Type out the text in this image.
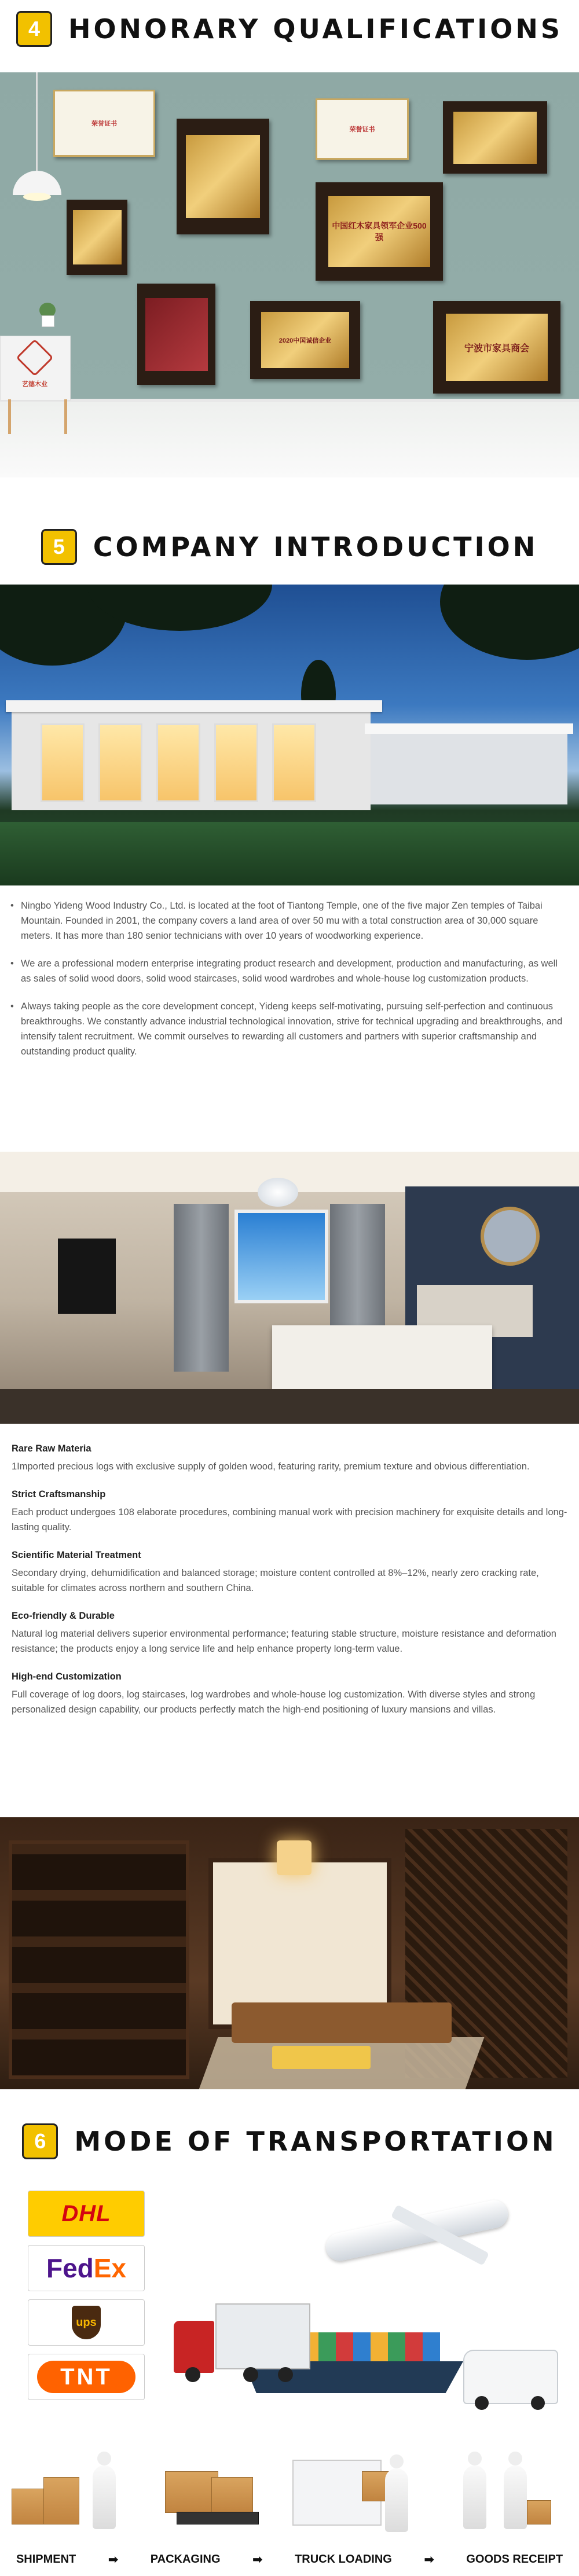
4	HONORARY QUALIFICATIONS
荣誉证书
荣誉证书
中国红木家具领军企业500强
2020中国诚信企业
宁波市家具商会
艺德木业
5	COMPANY INTRODUCTION

• Ningbo Yideng Wood Industry Co., Ltd. is located at the foot of Tiantong Temple, one of the five major Zen temples of Taibai Mountain. Founded in 2001, the company covers a land area of over 50 mu with a total construction area of 30,000 square meters. It has more than 180 senior technicians with over 10 years of woodworking experience.

• We are a professional modern enterprise integrating product research and development, production and manufacturing, as well as sales of solid wood doors, solid wood staircases, solid wood wardrobes and whole-house log customization products.

• Always taking people as the core development concept, Yideng keeps self-motivating, pursuing self-perfection and continuous breakthroughs. We constantly advance industrial technological innovation, strive for technical upgrading and breakthroughs, and intensify talent recruitment. We commit ourselves to rewarding all customers and partners with superior craftsmanship and outstanding product quality.

Rare Raw Materia

1Imported precious logs with exclusive supply of golden wood, featuring rarity, premium texture and obvious differentiation.

Strict Craftsmanship

Each product undergoes 108 elaborate procedures, combining manual work with precision machinery for exquisite details and long-lasting quality.

Scientific Material Treatment

Secondary drying, dehumidification and balanced storage; moisture content controlled at 8%–12%, nearly zero cracking rate, suitable for climates across northern and southern China.

Eco-friendly & Durable

Natural log material delivers superior environmental performance; featuring stable structure, moisture resistance and deformation resistance; the products enjoy a long service life and help enhance property long-term value.

High-end Customization

Full coverage of log doors, log staircases, log wardrobes and whole-house log customization. With diverse styles and strong personalized design capability, our products perfectly match the high-end positioning of luxury mansions and villas.

6	MODE OF TRANSPORTATION
DHL
Fed Ex
ups
TNT
SHIPMENT	➡	PACKAGING	➡	TRUCK LOADING	➡	GOODS RECEIPT
